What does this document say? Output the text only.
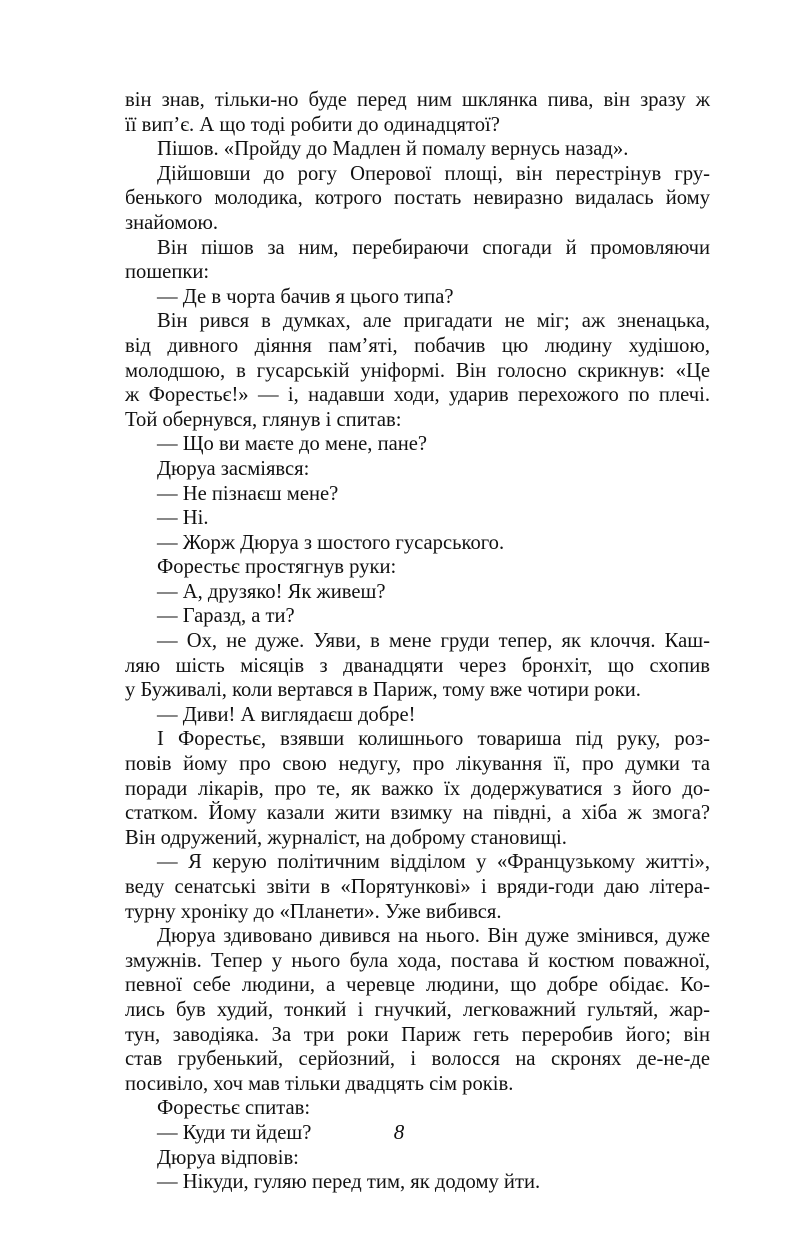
він знав, тільки-но буде перед ним шклянка пива, він зразу ж
її вип’є. А що тоді робити до одинадцятої?
Пішов. «Пройду до Мадлен й помалу вернусь назад».
Дійшовши до рогу Оперової площі, він перестрінув гру-
бенького молодика, котрого постать невиразно видалась йому
знайомою.
Він пішов за ним, перебираючи спогади й промовляючи
пошепки:
— Де в чорта бачив я цього типа?
Він рився в думках, але пригадати не міг; аж зненацька,
від дивного діяння пам’яті, побачив цю людину худішою,
молодшою, в гусарській уніформі. Він голосно скрикнув: «Це
ж Форестьє!» — і, надавши ходи, ударив перехожого по плечі.
Той обернувся, глянув і спитав:
— Що ви маєте до мене, пане?
Дюруа засміявся:
— Не пізнаєш мене?
— Ні.
— Жорж Дюруа з шостого гусарського.
Форестьє простягнув руки:
— А, друзяко! Як живеш?
— Гаразд, а ти?
— Ох, не дуже. Уяви, в мене груди тепер, як клоччя. Каш-
ляю шість місяців з дванадцяти через бронхіт, що схопив
у Буживалі, коли вертався в Париж, тому вже чотири роки.
— Диви! А виглядаєш добре!
І Форестьє, взявши колишнього товариша під руку, роз-
повів йому про свою недугу, про лікування її, про думки та
поради лікарів, про те, як важко їх додержуватися з його до-
статком. Йому казали жити взимку на півдні, а хіба ж змога?
Він одружений, журналіст, на доброму становищі.
— Я керую політичним відділом у «Французькому житті»,
веду сенатські звіти в «Порятункові» і вряди-годи даю літера-
турну хроніку до «Планети». Уже вибився.
Дюруа здивовано дивився на нього. Він дуже змінився, дуже
змужнів. Тепер у нього була хода, постава й костюм поважної,
певної себе людини, а черевце людини, що добре обідає. Ко-
лись був худий, тонкий і гнучкий, легковажний гультяй, жар-
тун, заводіяка. За три роки Париж геть переробив його; він
став грубенький, серйозний, і волосся на скронях де-не-де
посивіло, хоч мав тільки двадцять сім років.
Форестьє спитав:
— Куди ти йдеш?
Дюруа відповів:
— Нікуди, гуляю перед тим, як додому йти.
8
